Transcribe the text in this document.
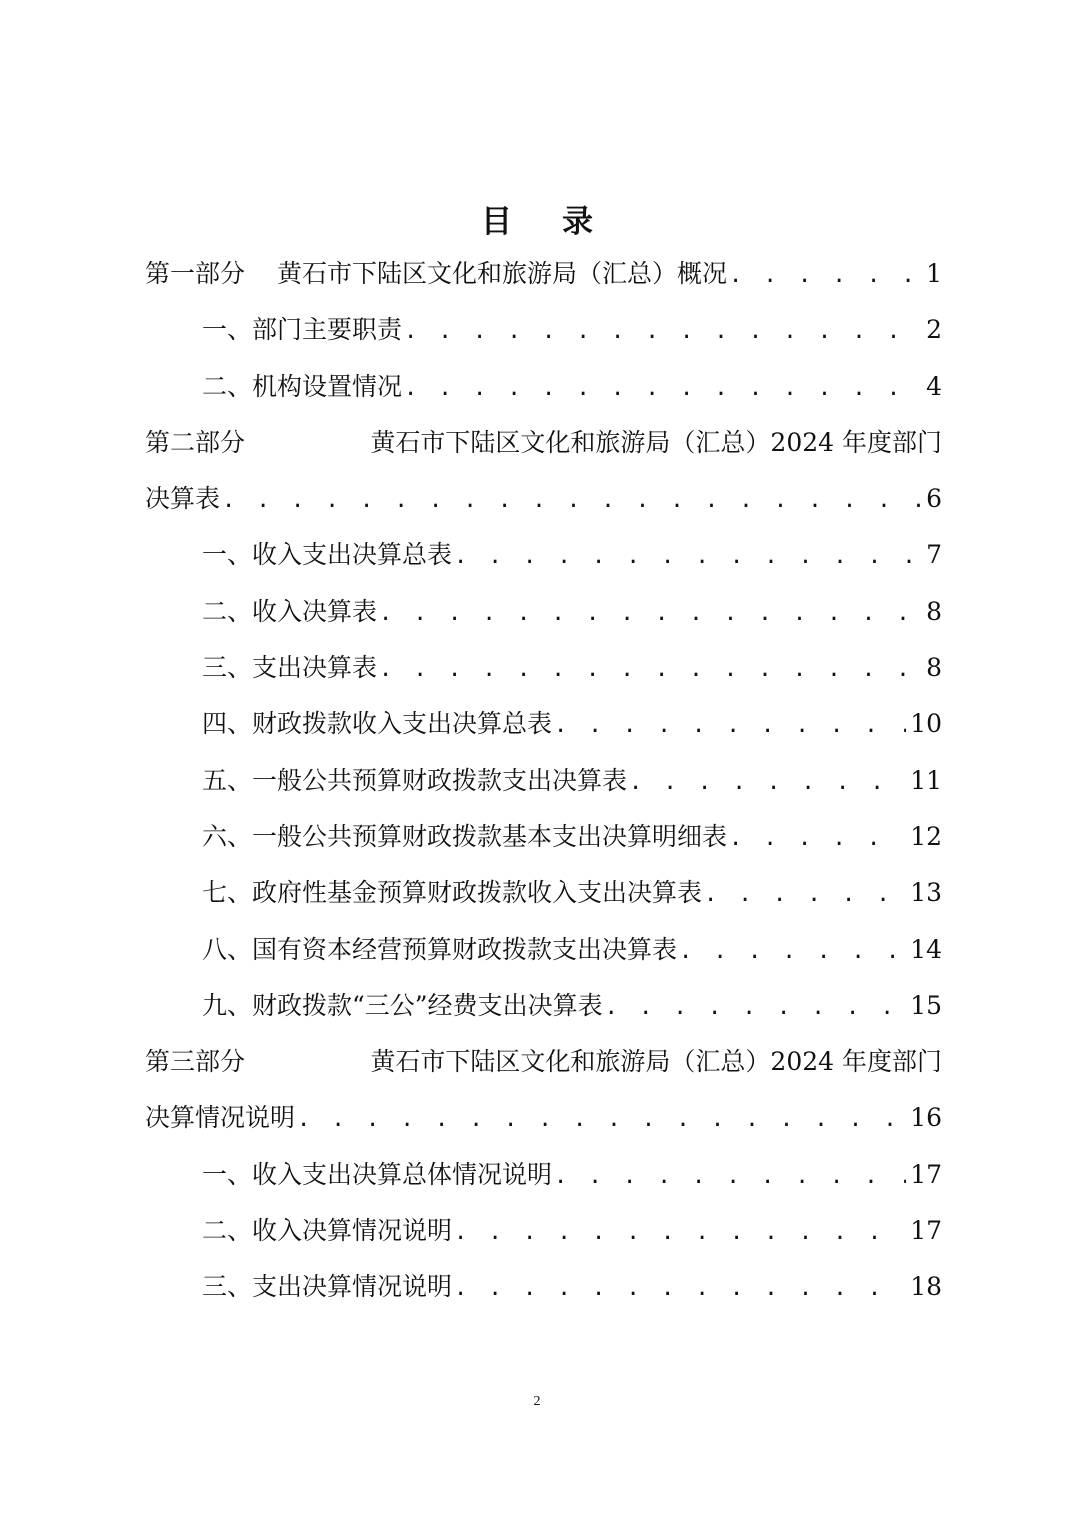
目 录
第一部分 黄石市下陆区文化和旅游局（汇总）概况 . . .	1
一、部门主要职责 . . .	2
二、机构设置情况 . . .	4
第二部分	黄石市下陆区文化和旅游局（汇总）2024 年度部门
决算表 . . .	6
一、收入支出决算总表 . . .	7
二、收入决算表 . . .	8
三、支出决算表 . . .	8
四、财政拨款收入支出决算总表 . . .	10
五、一般公共预算财政拨款支出决算表 . . .	11
六、一般公共预算财政拨款基本支出决算明细表 . . .	12
七、政府性基金预算财政拨款收入支出决算表 . . .	13
八、国有资本经营预算财政拨款支出决算表 . . .	14
九、财政拨款“三公”经费支出决算表 . . .	15
第三部分	黄石市下陆区文化和旅游局（汇总）2024 年度部门
决算情况说明 . . .	16
一、收入支出决算总体情况说明 . . .	17
二、收入决算情况说明 . . .	17
三、支出决算情况说明 . . .	18
2
